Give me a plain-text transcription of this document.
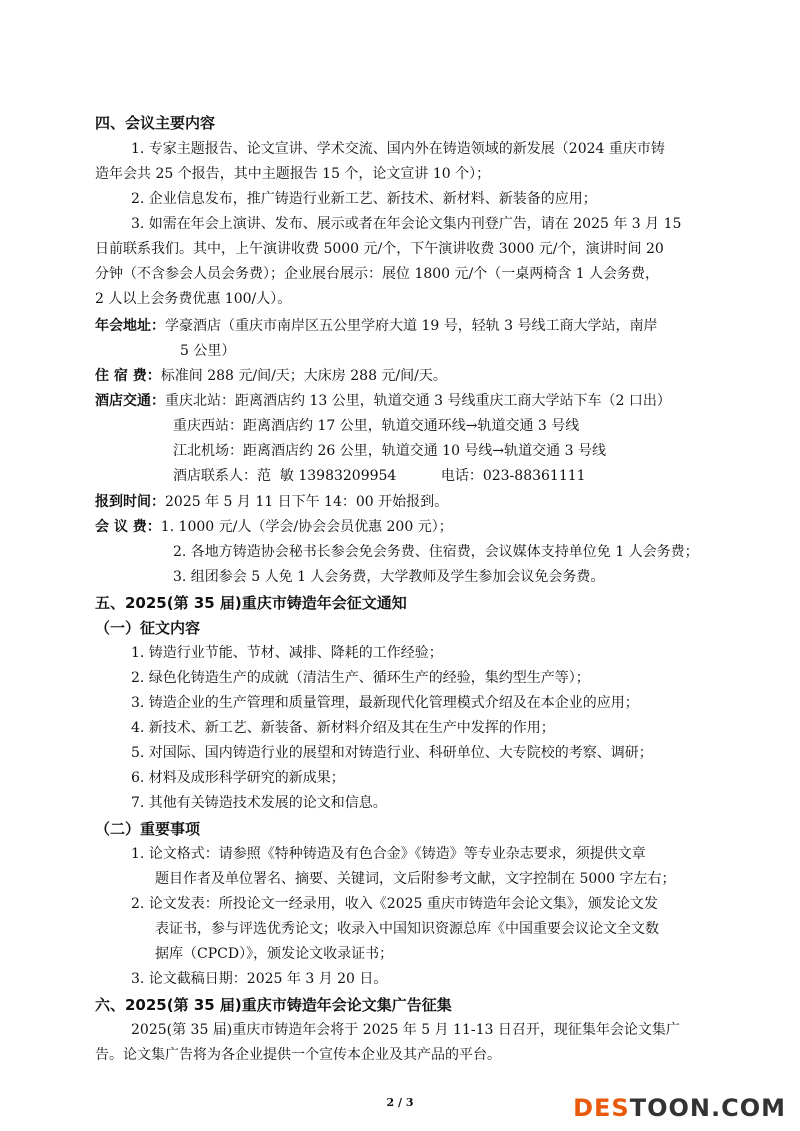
四、会议主要内容
1. 专家主题报告、论文宣讲、学术交流、国内外在铸造领域的新发展（2024 重庆市铸
造年会共 25 个报告，其中主题报告 15 个，论文宣讲 10 个）；
2. 企业信息发布，推广铸造行业新工艺、新技术、新材料、新装备的应用；
3. 如需在年会上演讲、发布、展示或者在年会论文集内刊登广告，请在 2025 年 3 月 15
日前联系我们。其中，上午演讲收费 5000 元/个，下午演讲收费 3000 元/个，演讲时间 20
分钟（不含参会人员会务费）；企业展台展示：展位 1800 元/个（一桌两椅含 1 人会务费，
2 人以上会务费优惠 100/人）。
年会地址：学豪酒店（重庆市南岸区五公里学府大道 19 号，轻轨 3 号线工商大学站，南岸
5 公里）
住 宿 费：标准间 288 元/间/天；大床房 288 元/间/天。
酒店交通：重庆北站：距离酒店约 13 公里，轨道交通 3 号线重庆工商大学站下车（2 口出）
重庆西站：距离酒店约 17 公里，轨道交通环线→轨道交通 3 号线
江北机场：距离酒店约 26 公里，轨道交通 10 号线→轨道交通 3 号线
酒店联系人：范  敏 13983209954          电话：023-88361111
报到时间：2025 年 5 月 11 日下午 14：00 开始报到。
会 议 费：1. 1000 元/人（学会/协会会员优惠 200 元）；
2. 各地方铸造协会秘书长参会免会务费、住宿费，会议媒体支持单位免 1 人会务费；
3. 组团参会 5 人免 1 人会务费，大学教师及学生参加会议免会务费。
五、2025(第 35 届)重庆市铸造年会征文通知
（一）征文内容
1. 铸造行业节能、节材、减排、降耗的工作经验；
2. 绿色化铸造生产的成就（清洁生产、循环生产的经验，集约型生产等）；
3. 铸造企业的生产管理和质量管理，最新现代化管理模式介绍及在本企业的应用；
4. 新技术、新工艺、新装备、新材料介绍及其在生产中发挥的作用；
5. 对国际、国内铸造行业的展望和对铸造行业、科研单位、大专院校的考察、调研；
6. 材料及成形科学研究的新成果；
7. 其他有关铸造技术发展的论文和信息。
（二）重要事项
1. 论文格式：请参照《特种铸造及有色合金》《铸造》等专业杂志要求，须提供文章
题目作者及单位署名、摘要、关键词，文后附参考文献，文字控制在 5000 字左右；
2. 论文发表：所投论文一经录用，收入《2025 重庆市铸造年会论文集》，颁发论文发
表证书，参与评选优秀论文；收录入中国知识资源总库《中国重要会议论文全文数
据库（CPCD）》，颁发论文收录证书；
3. 论文截稿日期：2025 年 3 月 20 日。
六、2025(第 35 届)重庆市铸造年会论文集广告征集
2025(第 35 届)重庆市铸造年会将于 2025 年 5 月 11-13 日召开，现征集年会论文集广
告。论文集广告将为各企业提供一个宣传本企业及其产品的平台。
2 / 3	DESTOON.COM
